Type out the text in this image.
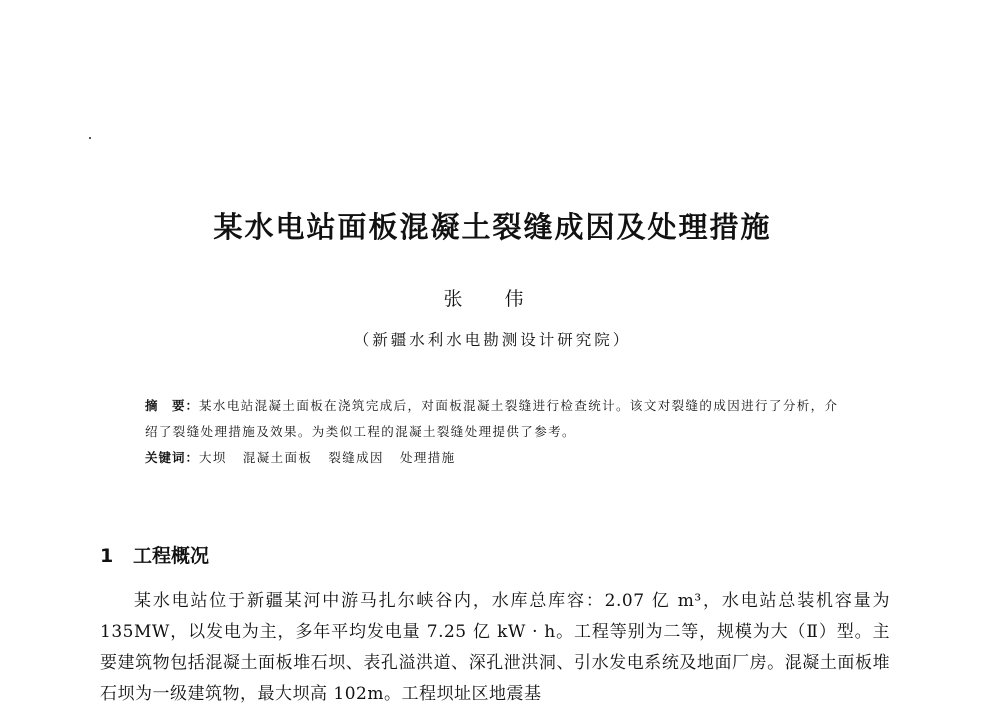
某水电站面板混凝土裂缝成因及处理措施

张 伟

（新疆水利水电勘测设计研究院）

摘　要：某水电站混凝土面板在浇筑完成后，对面板混凝土裂缝进行检查统计。该文对裂缝的成因进行了分析，介绍了裂缝处理措施及效果。为类似工程的混凝土裂缝处理提供了参考。
关键词：大坝 混凝土面板 裂缝成因 处理措施
1 工程概况

某水电站位于新疆某河中游马扎尔峡谷内，水库总库容：2.07 亿 m³，水电站总装机容量为 135MW，以发电为主，多年平均发电量 7.25 亿 kW · h。工程等别为二等，规模为大（Ⅱ）型。主要建筑物包括混凝土面板堆石坝、表孔溢洪道、深孔泄洪洞、引水发电系统及地面厂房。混凝土面板堆石坝为一级建筑物，最大坝高 102m。工程坝址区地震基
